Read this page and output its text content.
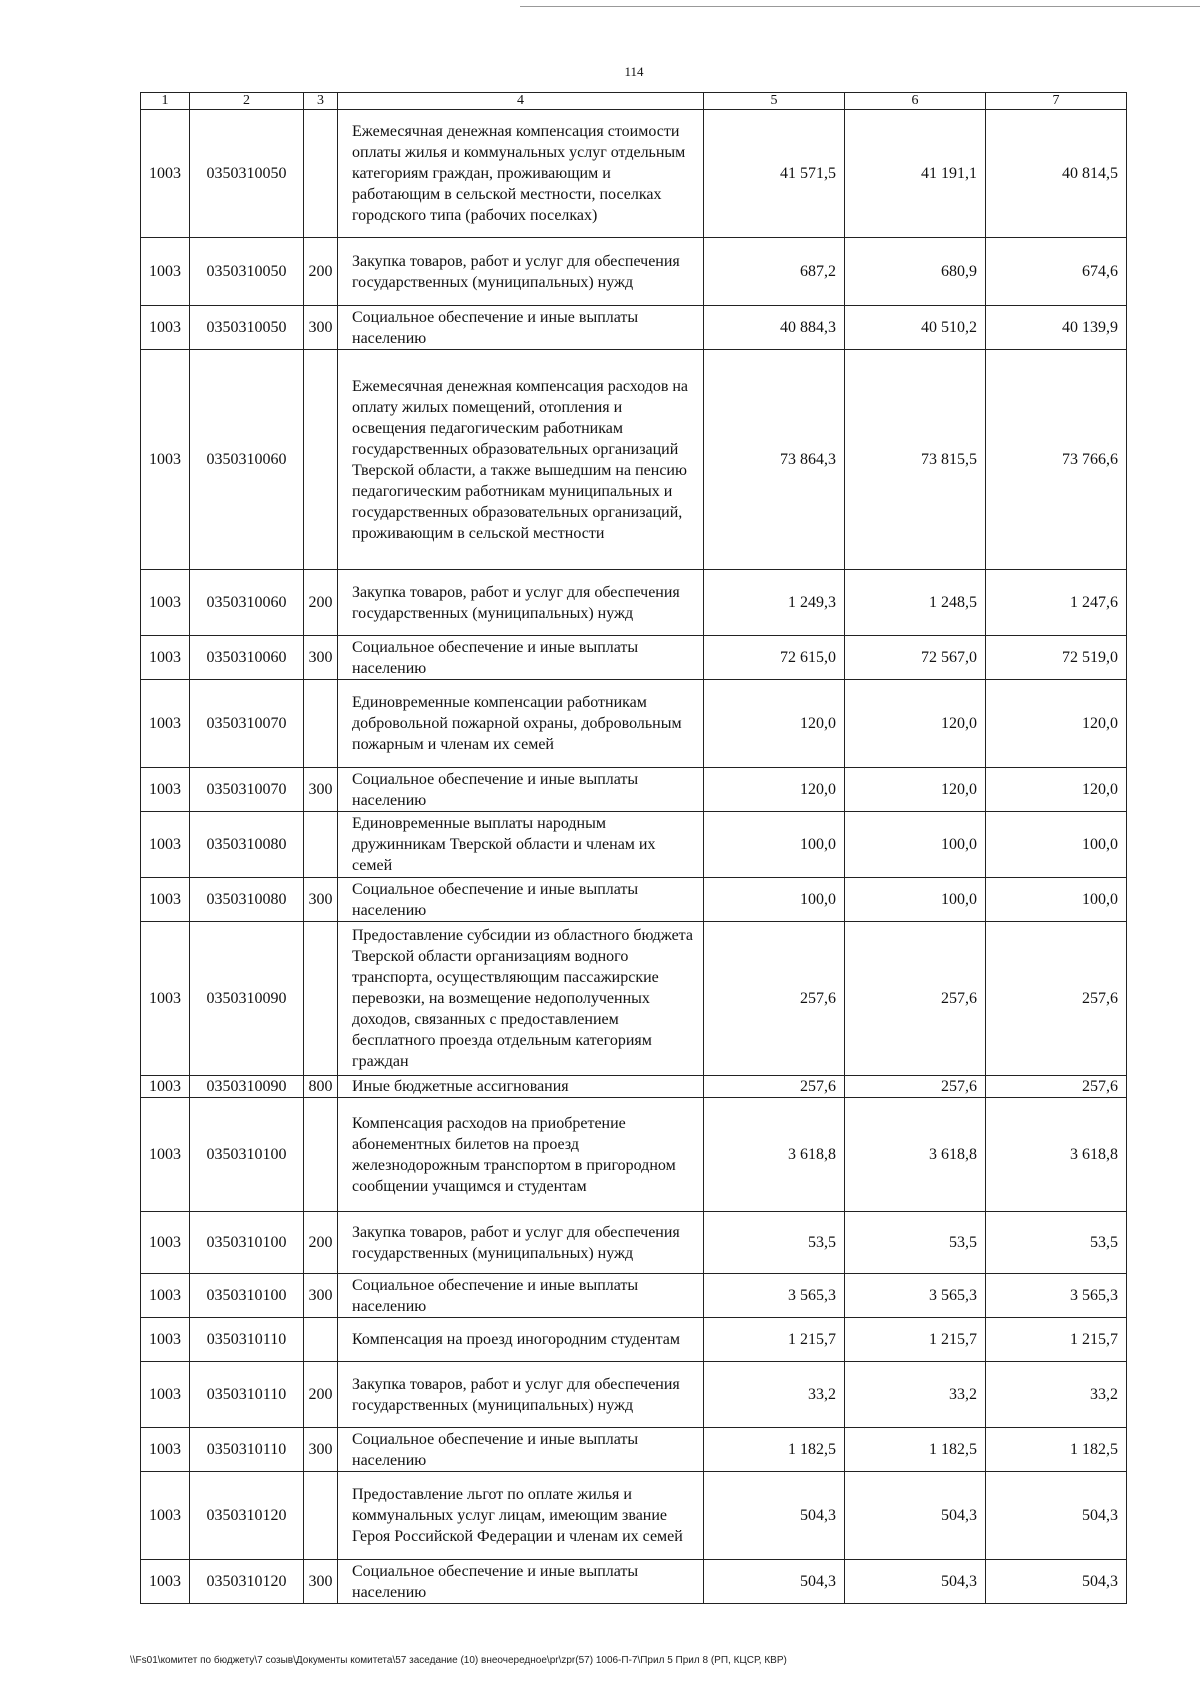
114
1	2	3	4	5	6	7
1003	0350310050		Ежемесячная денежная компенсация стоимости оплаты жилья и коммунальных услуг отдельным категориям граждан, проживающим и работающим в сельской местности, поселках городского типа (рабочих поселках)	41 571,5	41 191,1	40 814,5
1003	0350310050	200	Закупка товаров, работ и услуг для обеспечения государственных (муниципальных) нужд	687,2	680,9	674,6
1003	0350310050	300	Социальное обеспечение и иные выплаты населению	40 884,3	40 510,2	40 139,9
1003	0350310060		Ежемесячная денежная компенсация расходов на оплату жилых помещений, отопления и освещения педагогическим работникам государственных образовательных организаций Тверской области, а также вышедшим на пенсию педагогическим работникам муниципальных и государственных образовательных организаций, проживающим в сельской местности	73 864,3	73 815,5	73 766,6
1003	0350310060	200	Закупка товаров, работ и услуг для обеспечения государственных (муниципальных) нужд	1 249,3	1 248,5	1 247,6
1003	0350310060	300	Социальное обеспечение и иные выплаты населению	72 615,0	72 567,0	72 519,0
1003	0350310070		Единовременные компенсации работникам добровольной пожарной охраны, добровольным пожарным и членам их семей	120,0	120,0	120,0
1003	0350310070	300	Социальное обеспечение и иные выплаты населению	120,0	120,0	120,0
1003	0350310080		Единовременные выплаты народным дружинникам Тверской области и членам их семей	100,0	100,0	100,0
1003	0350310080	300	Социальное обеспечение и иные выплаты населению	100,0	100,0	100,0
1003	0350310090		Предоставление субсидии из областного бюджета Тверской области организациям водного транспорта, осуществляющим пассажирские перевозки, на возмещение недополученных доходов, связанных с предоставлением бесплатного проезда отдельным категориям граждан	257,6	257,6	257,6
1003	0350310090	800	Иные бюджетные ассигнования	257,6	257,6	257,6
1003	0350310100		Компенсация расходов на приобретение абонементных билетов на проезд железнодорожным транспортом в пригородном сообщении учащимся и студентам	3 618,8	3 618,8	3 618,8
1003	0350310100	200	Закупка товаров, работ и услуг для обеспечения государственных (муниципальных) нужд	53,5	53,5	53,5
1003	0350310100	300	Социальное обеспечение и иные выплаты населению	3 565,3	3 565,3	3 565,3
1003	0350310110		Компенсация на проезд иногородним студентам	1 215,7	1 215,7	1 215,7
1003	0350310110	200	Закупка товаров, работ и услуг для обеспечения государственных (муниципальных) нужд	33,2	33,2	33,2
1003	0350310110	300	Социальное обеспечение и иные выплаты населению	1 182,5	1 182,5	1 182,5
1003	0350310120		Предоставление льгот по оплате жилья и коммунальных услуг лицам, имеющим звание Героя Российской Федерации и членам их семей	504,3	504,3	504,3
1003	0350310120	300	Социальное обеспечение и иные выплаты населению	504,3	504,3	504,3
\\Fs01\комитет по бюджету\7 созыв\Документы комитета\57 заседание (10) внеочередное\pr\zpr(57) 1006-П-7\Прил 5 Прил 8 (РП, КЦСР, КВР)
